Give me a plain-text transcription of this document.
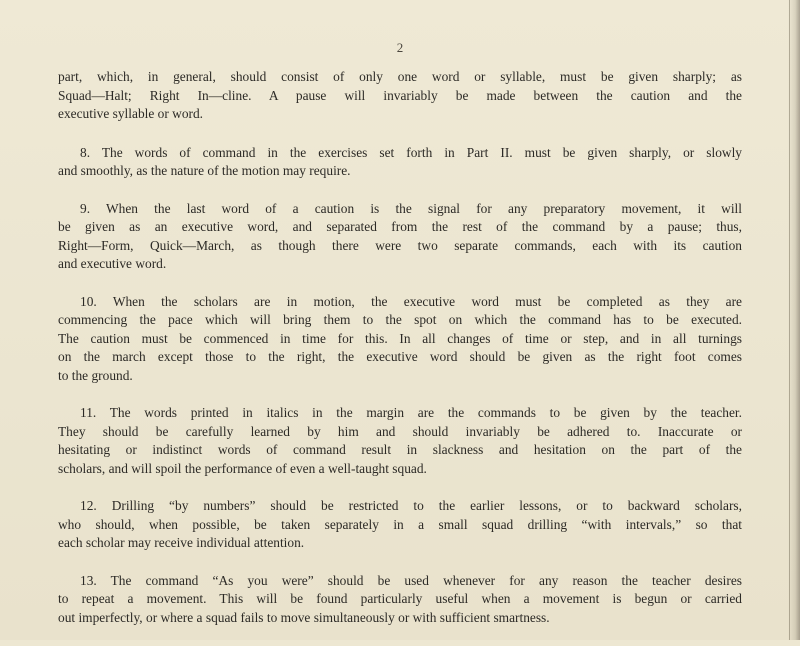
2
part, which, in general, should consist of only one word or syllable, must be given sharply; as
Squad—Halt; Right In—cline. A pause will invariably be made between the caution and the
executive syllable or word.
8. The words of command in the exercises set forth in Part II. must be given sharply, or slowly
and smoothly, as the nature of the motion may require.
9. When the last word of a caution is the signal for any preparatory movement, it will
be given as an executive word, and separated from the rest of the command by a pause; thus,
Right—Form, Quick—March, as though there were two separate commands, each with its caution
and executive word.
10. When the scholars are in motion, the executive word must be completed as they are
commencing the pace which will bring them to the spot on which the command has to be executed.
The caution must be commenced in time for this. In all changes of time or step, and in all turnings
on the march except those to the right, the executive word should be given as the right foot comes
to the ground.
11. The words printed in italics in the margin are the commands to be given by the teacher.
They should be carefully learned by him and should invariably be adhered to. Inaccurate or
hesitating or indistinct words of command result in slackness and hesitation on the part of the
scholars, and will spoil the performance of even a well-taught squad.
12. Drilling “by numbers” should be restricted to the earlier lessons, or to backward scholars,
who should, when possible, be taken separately in a small squad drilling “with intervals,” so that
each scholar may receive individual attention.
13. The command “As you were” should be used whenever for any reason the teacher desires
to repeat a movement. This will be found particularly useful when a movement is begun or carried
out imperfectly, or where a squad fails to move simultaneously or with sufficient smartness.
